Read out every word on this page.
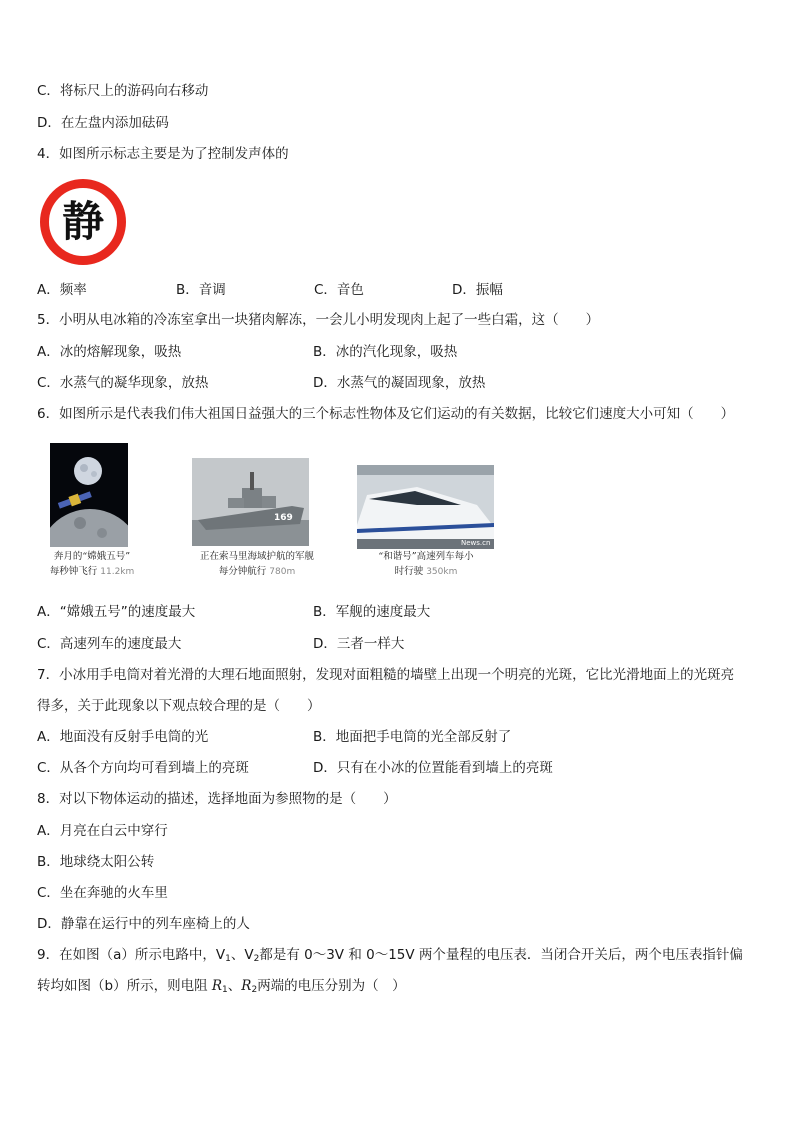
C．将标尺上的游码向右移动
D．在左盘内添加砝码
4．如图所示标志主要是为了控制发声体的
静
A．频率	B．音调	C．音色	D．振幅
5．小明从电冰箱的冷冻室拿出一块猪肉解冻，一会儿小明发现肉上起了一些白霜，这（　　）
A．冰的熔解现象，吸热	B．冰的汽化现象，吸热
C．水蒸气的凝华现象，放热	D．水蒸气的凝固现象，放热
6．如图所示是代表我们伟大祖国日益强大的三个标志性物体及它们运动的有关数据，比较它们速度大小可知（　　）
奔月的“嫦娥五号”
每秒钟飞行 11.2km
169
正在索马里海域护航的军舰
每分钟航行 780m
News.cn
“和谐号”高速列车每小
时行驶 350km
A．“嫦娥五号”的速度最大	B．军舰的速度最大
C．高速列车的速度最大	D．三者一样大
7．小冰用手电筒对着光滑的大理石地面照射，发现对面粗糙的墙壁上出现一个明亮的光斑，它比光滑地面上的光斑亮
得多，关于此现象以下观点较合理的是（　　）
A．地面没有反射手电筒的光	B．地面把手电筒的光全部反射了
C．从各个方向均可看到墙上的亮斑	D．只有在小冰的位置能看到墙上的亮斑
8．对以下物体运动的描述，选择地面为参照物的是（　　）
A．月亮在白云中穿行
B．地球绕太阳公转
C．坐在奔驰的火车里
D．静靠在运行中的列车座椅上的人
9．在如图（a）所示电路中，$V_1$、$V_2$都是有 0～3V 和 0～15V 两个量程的电压表．当闭合开关后，两个电压表指针偏
转均如图（b）所示，则电阻 $R_1$、$R_2$两端的电压分别为（　）
